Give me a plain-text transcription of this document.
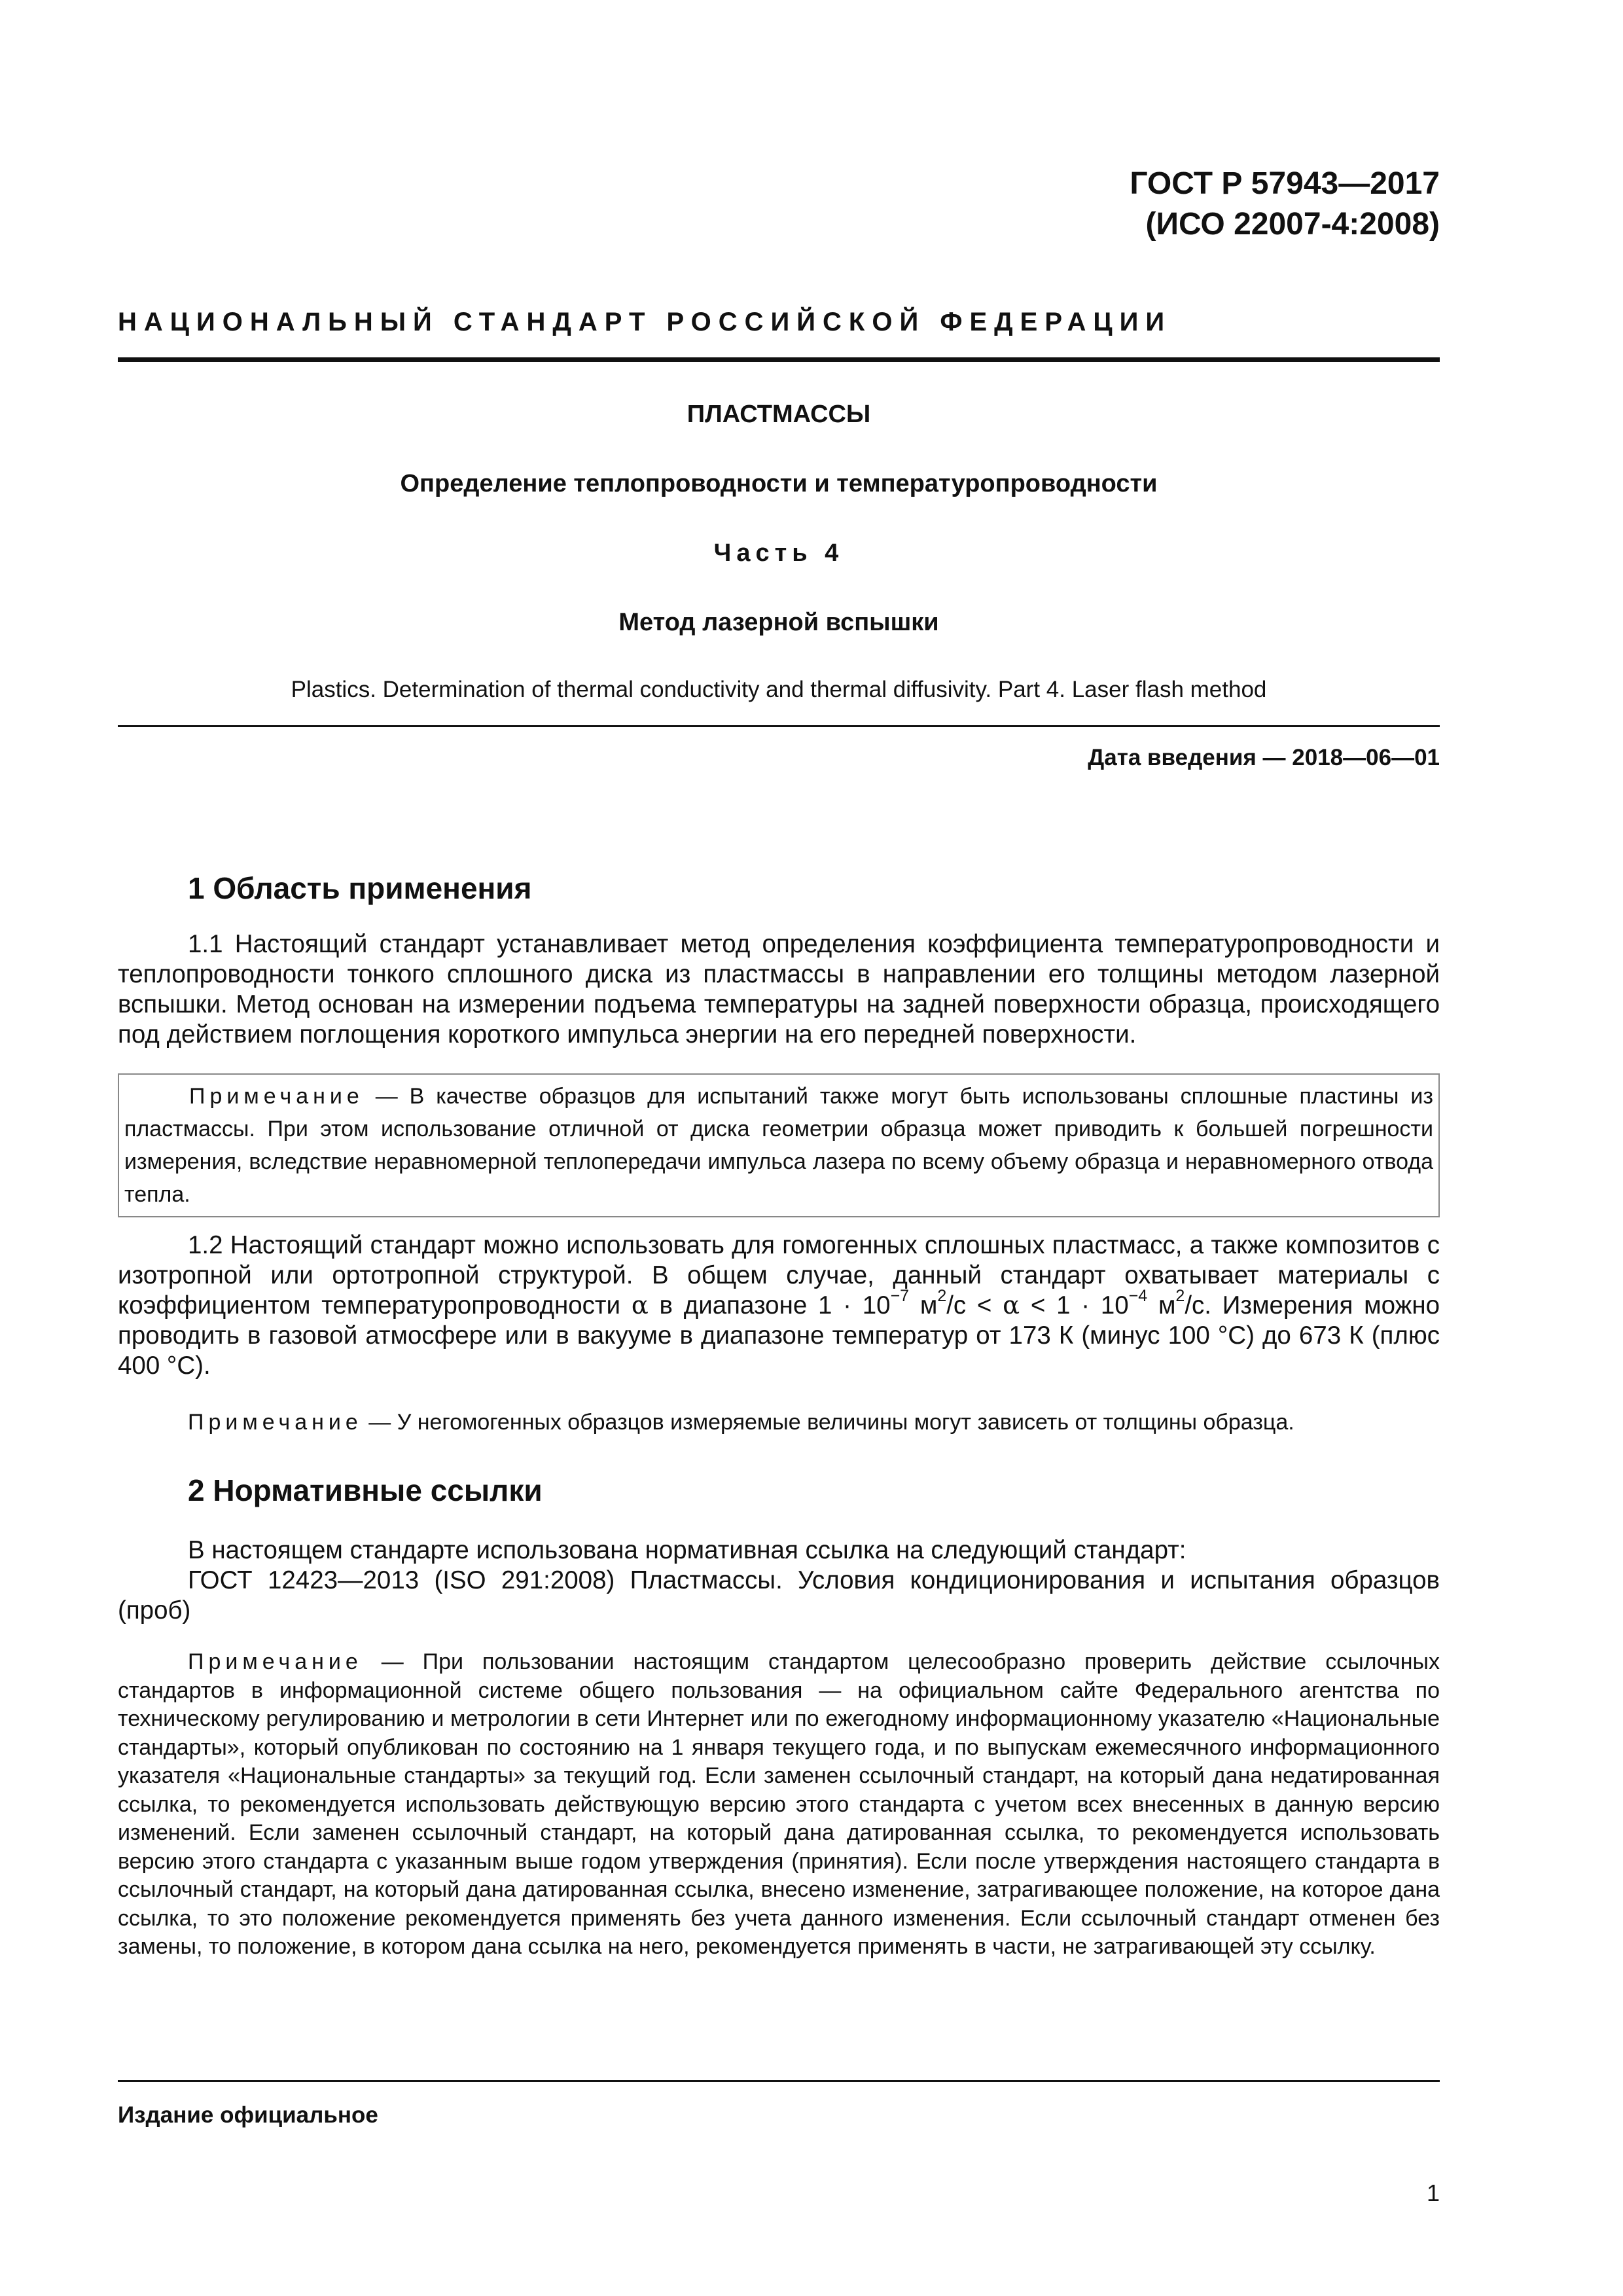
ГОСТ Р 57943—2017
(ИСО 22007-4:2008)
НАЦИОНАЛЬНЫЙ СТАНДАРТ РОССИЙСКОЙ ФЕДЕРАЦИИ
ПЛАСТМАССЫ
Определение теплопроводности и температуропроводности
Часть 4
Метод лазерной вспышки
Plastics. Determination of thermal conductivity and thermal diffusivity. Part 4. Laser flash method
Дата введения — 2018—06—01
1 Область применения

1.1 Настоящий стандарт устанавливает метод определения коэффициента температуропроводности и теплопроводности тонкого сплошного диска из пластмассы в направлении его толщины методом лазерной вспышки. Метод основан на измерении подъема температуры на задней поверхности образца, происходящего под действием поглощения короткого импульса энергии на его передней поверхности.

Примечание — В качестве образцов для испытаний также могут быть использованы сплошные пластины из пластмассы. При этом использование отличной от диска геометрии образца может приводить к большей погрешности измерения, вследствие неравномерной теплопередачи импульса лазера по всему объему образца и неравномерного отвода тепла.

1.2 Настоящий стандарт можно использовать для гомогенных сплошных пластмасс, а также композитов с изотропной или ортотропной структурой. В общем случае, данный стандарт охватывает материалы с коэффициентом температуропроводности α в диапазоне $1 \cdot 10^{-7}$ $м^2/с < \alpha < 1 \cdot 10^{-4}$ $м^2/с$. Измерения можно проводить в газовой атмосфере или в вакууме в диапазоне температур от 173 К (минус 100 °C) до 673 К (плюс 400 °C).

Примечание — У негомогенных образцов измеряемые величины могут зависеть от толщины образца.

2 Нормативные ссылки

В настоящем стандарте использована нормативная ссылка на следующий стандарт:

ГОСТ 12423—2013 (ISO 291:2008) Пластмассы. Условия кондиционирования и испытания образцов (проб)

Примечание — При пользовании настоящим стандартом целесообразно проверить действие ссылочных стандартов в информационной системе общего пользования — на официальном сайте Федерального агентства по техническому регулированию и метрологии в сети Интернет или по ежегодному информационному указателю «Национальные стандарты», который опубликован по состоянию на 1 января текущего года, и по выпускам ежемесячного информационного указателя «Национальные стандарты» за текущий год. Если заменен ссылочный стандарт, на который дана недатированная ссылка, то рекомендуется использовать действующую версию этого стандарта с учетом всех внесенных в данную версию изменений. Если заменен ссылочный стандарт, на который дана датированная ссылка, то рекомендуется использовать версию этого стандарта с указанным выше годом утверждения (принятия). Если после утверждения настоящего стандарта в ссылочный стандарт, на который дана датированная ссылка, внесено изменение, затрагивающее положение, на которое дана ссылка, то это положение рекомендуется применять без учета данного изменения. Если ссылочный стандарт отменен без замены, то положение, в котором дана ссылка на него, рекомендуется применять в части, не затрагивающей эту ссылку.

Издание официальное
1
